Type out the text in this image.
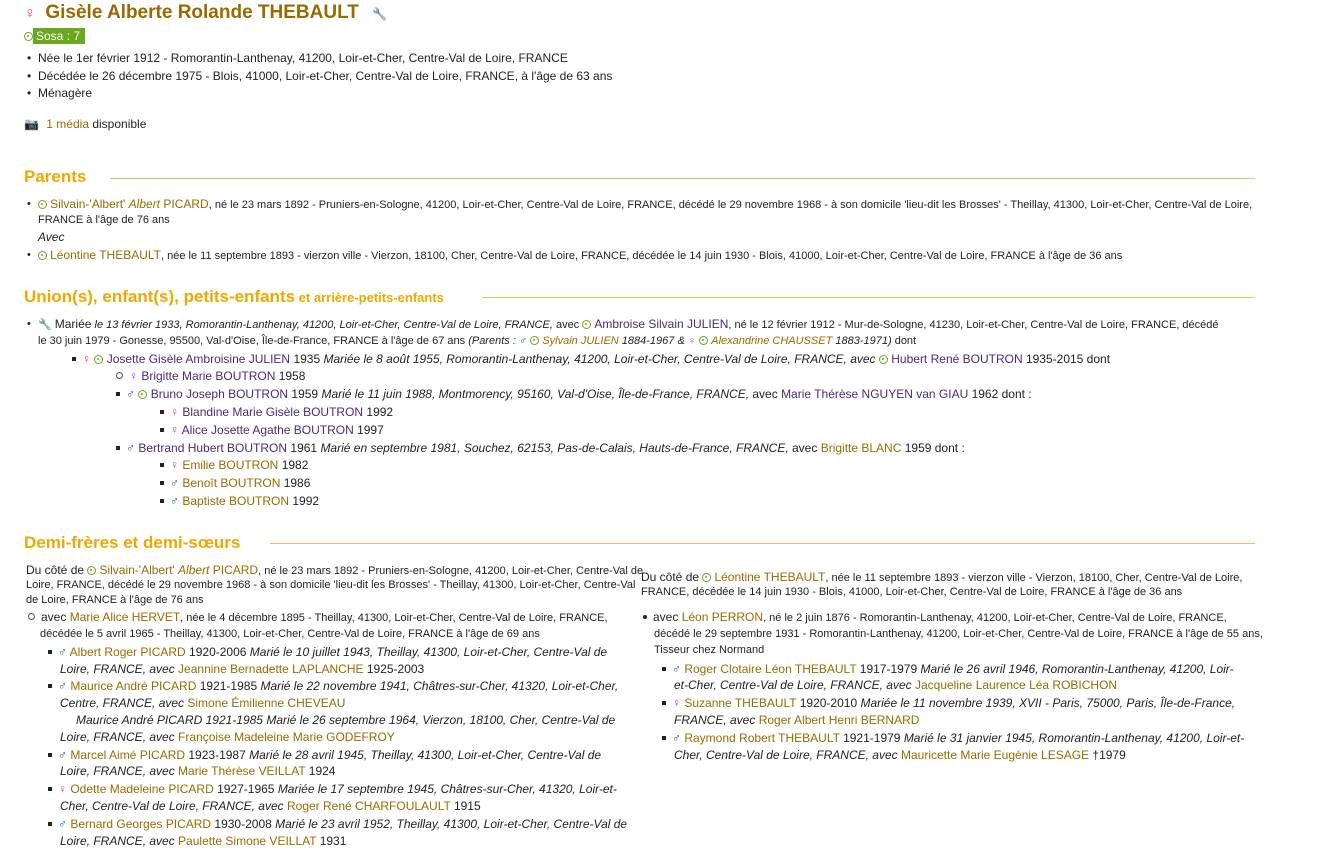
♀ Gisèle Alberte Rolande THEBAULT 🔧
Sosa : 7
• Née le 1er février 1912 - Romorantin-Lanthenay, 41200, Loir-et-Cher, Centre-Val de Loire, FRANCE
• Décédée le 26 décembre 1975 - Blois, 41000, Loir-et-Cher, Centre-Val de Loire, FRANCE, à l'âge de 63 ans
• Ménagère
📷 1 média disponible
Parents
• Silvain-'Albert' Albert PICARD, né le 23 mars 1892 - Pruniers-en-Sologne, 41200, Loir-et-Cher, Centre-Val de Loire, FRANCE, décédé le 29 novembre 1968 - à son domicile 'lieu-dit les Brosses' - Theillay, 41300, Loir-et-Cher, Centre-Val de Loire,
FRANCE à l'âge de 76 ans
Avec
• Léontine THEBAULT, née le 11 septembre 1893 - vierzon ville - Vierzon, 18100, Cher, Centre-Val de Loire, FRANCE, décédée le 14 juin 1930 - Blois, 41000, Loir-et-Cher, Centre-Val de Loire, FRANCE à l'âge de 36 ans
Union(s), enfant(s), petits-enfants et arrière-petits-enfants
• 🔧 Mariée le 13 février 1933, Romorantin-Lanthenay, 41200, Loir-et-Cher, Centre-Val de Loire, FRANCE, avec  Ambroise Silvain JULIEN, né le 12 février 1912 - Mur-de-Sologne, 41230, Loir-et-Cher, Centre-Val de Loire, FRANCE, décédé
le 30 juin 1979 - Gonesse, 95500, Val-d'Oise, Île-de-France, FRANCE à l'âge de 67 ans (Parents : ♂ Sylvain JULIEN 1884-1967 & ♀ Alexandrine CHAUSSET 1883-1971) dont
♀ Josette Gisèle Ambroisine JULIEN 1935 Mariée le 8 août 1955, Romorantin-Lanthenay, 41200, Loir-et-Cher, Centre-Val de Loire, FRANCE, avec Hubert René BOUTRON 1935-2015 dont
♀ Brigitte Marie BOUTRON 1958
♂ Bruno Joseph BOUTRON 1959 Marié le 11 juin 1988, Montmorency, 95160, Val-d'Oise, Île-de-France, FRANCE, avec Marie Thérèse NGUYEN van GIAU 1962 dont :
♀ Blandine Marie Gisèle BOUTRON 1992
♀ Alice Josette Agathe BOUTRON 1997
♂ Bertrand Hubert BOUTRON 1961 Marié en septembre 1981, Souchez, 62153, Pas-de-Calais, Hauts-de-France, FRANCE, avec Brigitte BLANC 1959 dont :
♀ Emilie BOUTRON 1982
♂ Benoît BOUTRON 1986
♂ Baptiste BOUTRON 1992
Demi-frères et demi-sœurs
Du côté de  Silvain-'Albert' Albert PICARD, né le 23 mars 1892 - Pruniers-en-Sologne, 41200, Loir-et-Cher, Centre-Val de
Loire, FRANCE, décédé le 29 novembre 1968 - à son domicile 'lieu-dit les Brosses' - Theillay, 41300, Loir-et-Cher, Centre-Val
de Loire, FRANCE à l'âge de 76 ans
avec Marie Alice HERVET, née le 4 décembre 1895 - Theillay, 41300, Loir-et-Cher, Centre-Val de Loire, FRANCE,
décédée le 5 avril 1965 - Theillay, 41300, Loir-et-Cher, Centre-Val de Loire, FRANCE à l'âge de 69 ans
♂ Albert Roger PICARD 1920-2006 Marié le 10 juillet 1943, Theillay, 41300, Loir-et-Cher, Centre-Val de
Loire, FRANCE, avec Jeannine Bernadette LAPLANCHE 1925-2003
♂ Maurice André PICARD 1921-1985 Marié le 22 novembre 1941, Châtres-sur-Cher, 41320, Loir-et-Cher,
Centre, FRANCE, avec Simone Émilienne CHEVEAU
Maurice André PICARD 1921-1985 Marié le 26 septembre 1964, Vierzon, 18100, Cher, Centre-Val de
Loire, FRANCE, avec Françoise Madeleine Marie GODEFROY
♂ Marcel Aimé PICARD 1923-1987 Marié le 28 avril 1945, Theillay, 41300, Loir-et-Cher, Centre-Val de
Loire, FRANCE, avec Marie Thérèse VEILLAT 1924
♀ Odette Madeleine PICARD 1927-1965 Mariée le 17 septembre 1945, Châtres-sur-Cher, 41320, Loir-et-
Cher, Centre-Val de Loire, FRANCE, avec Roger René CHARFOULAULT 1915
♂ Bernard Georges PICARD 1930-2008 Marié le 23 avril 1952, Theillay, 41300, Loir-et-Cher, Centre-Val de
Loire, FRANCE, avec Paulette Simone VEILLAT 1931
Du côté de  Léontine THEBAULT, née le 11 septembre 1893 - vierzon ville - Vierzon, 18100, Cher, Centre-Val de Loire,
FRANCE, décédée le 14 juin 1930 - Blois, 41000, Loir-et-Cher, Centre-Val de Loire, FRANCE à l'âge de 36 ans
avec Léon PERRON, né le 2 juin 1876 - Romorantin-Lanthenay, 41200, Loir-et-Cher, Centre-Val de Loire, FRANCE,
décédé le 29 septembre 1931 - Romorantin-Lanthenay, 41200, Loir-et-Cher, Centre-Val de Loire, FRANCE à l'âge de 55 ans,
Tisseur chez Normand
♂ Roger Clotaire Léon THEBAULT 1917-1979 Marié le 26 avril 1946, Romorantin-Lanthenay, 41200, Loir-
et-Cher, Centre-Val de Loire, FRANCE, avec Jacqueline Laurence Léa ROBICHON
♀ Suzanne THEBAULT 1920-2010 Mariée le 11 novembre 1939, XVII - Paris, 75000, Paris, Île-de-France,
FRANCE, avec Roger Albert Henri BERNARD
♂ Raymond Robert THEBAULT 1921-1979 Marié le 31 janvier 1945, Romorantin-Lanthenay, 41200, Loir-et-
Cher, Centre-Val de Loire, FRANCE, avec Mauricette Marie Eugénie LESAGE †1979
